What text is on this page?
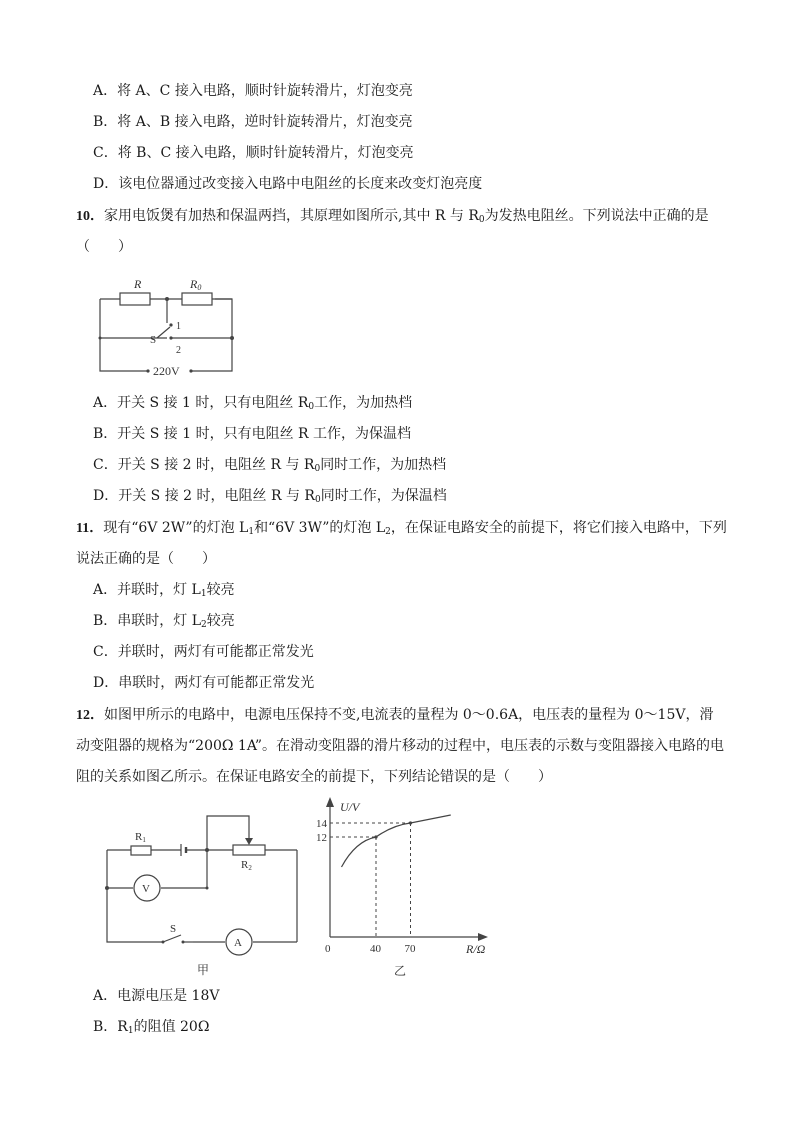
A．将 A、C 接入电路，顺时针旋转滑片，灯泡变亮
B．将 A、B 接入电路，逆时针旋转滑片，灯泡变亮
C．将 B、C 接入电路，顺时针旋转滑片，灯泡变亮
D．该电位器通过改变接入电路中电阻丝的长度来改变灯泡亮度
10．家用电饭煲有加热和保温两挡，其原理如图所示,其中 R 与 $R_0$为发热电阻丝。下列说法中正确的是
（　　）
R	R0
1
S
2
220V
A．开关 S 接 1 时，只有电阻丝 $R_0$工作，为加热档
B．开关 S 接 1 时，只有电阻丝 R 工作，为保温档
C．开关 S 接 2 时，电阻丝 R 与 $R_0$同时工作，为加热档
D．开关 S 接 2 时，电阻丝 R 与 $R_0$同时工作，为保温档
11．现有“6V 2W”的灯泡 $L_1$和“6V 3W”的灯泡 $L_2$，在保证电路安全的前提下，将它们接入电路中，下列
说法正确的是（　　）
A．并联时，灯 $L_1$较亮
B．串联时，灯 $L_2$较亮
C．并联时，两灯有可能都正常发光
D．串联时，两灯有可能都正常发光
12．如图甲所示的电路中，电源电压保持不变,电流表的量程为 0～0.6A，电压表的量程为 0～15V，滑
动变阻器的规格为“200Ω 1A”。在滑动变阻器的滑片移动的过程中，电压表的示数与变阻器接入电路的电
阻的关系如图乙所示。在保证电路安全的前提下，下列结论错误的是（　　）
R1
R2
V
A
S
甲
U/V
R/Ω
0	40
12
70
14
乙
A．电源电压是 18V
B．$R_1$的阻值 20Ω
